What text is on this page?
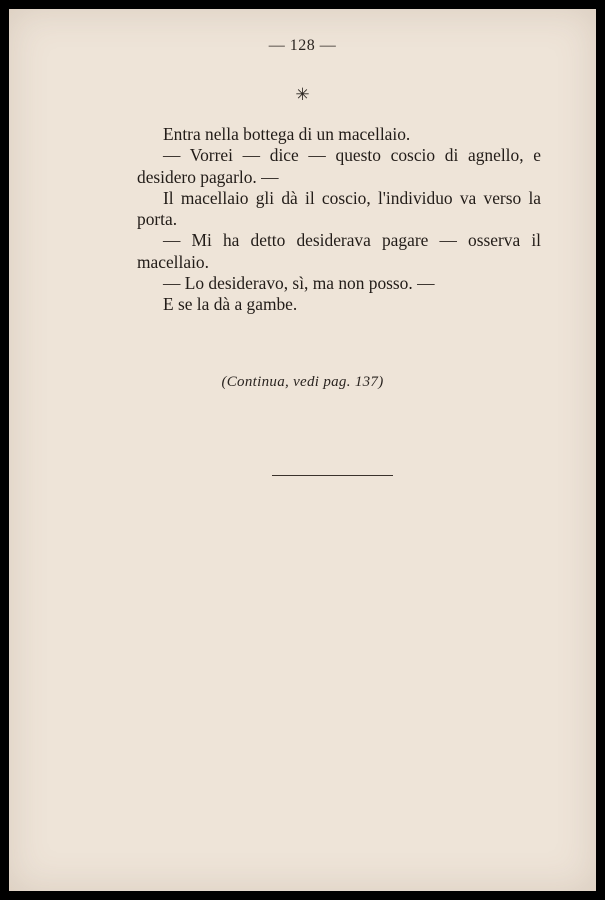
— 128 —
✳

Entra nella bottega di un macellaio.

— Vorrei — dice — questo coscio di agnello, e desidero pagarlo. —

Il macellaio gli dà il coscio, l'individuo va verso la porta.

— Mi ha detto desiderava pagare — osserva il macellaio.

— Lo desideravo, sì, ma non posso. —

E se la dà a gambe.

(Continua, vedi pag. 137)
